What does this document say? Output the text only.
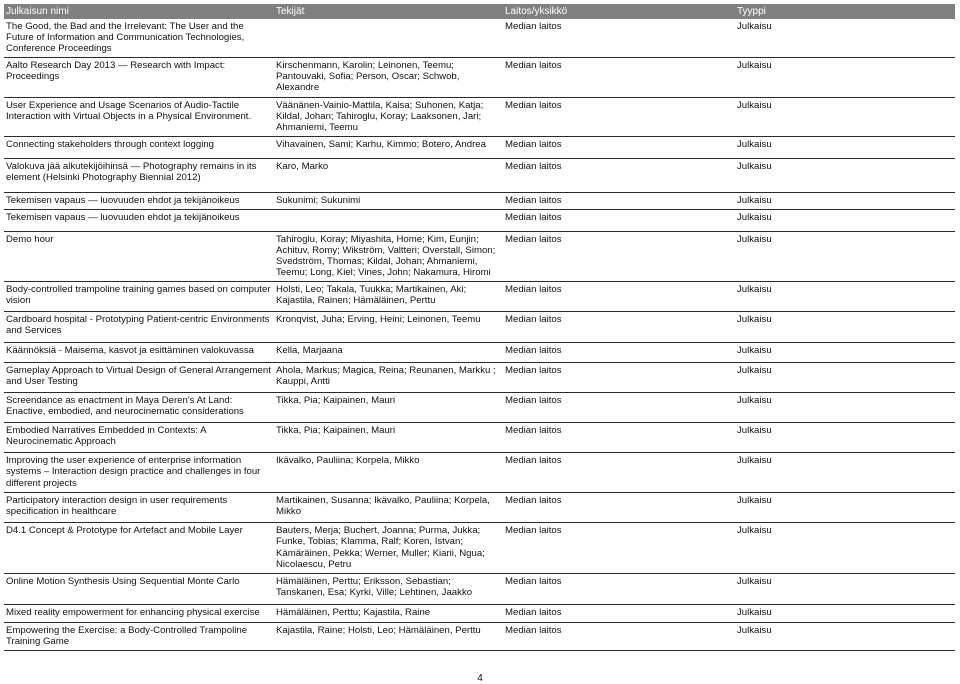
Julkaisun nimi	Tekijät	Laitos/yksikkö	Tyyppi
The Good, the Bad and the Irrelevant: The User and the Future of Information and Communication Technologies, Conference Proceedings		Median laitos	Julkaisu
Aalto Research Day 2013 — Research with Impact: Proceedings	Kirschenmann, Karolin; Leinonen, Teemu; Pantouvaki, Sofia; Person, Oscar; Schwob, Alexandre	Median laitos	Julkaisu
User Experience and Usage Scenarios of Audio-Tactile Interaction with Virtual Objects in a Physical Environment.	Väänänen-Vainio-Mattila, Kaisa; Suhonen, Katja; Kildal, Johan; Tahiroglu, Koray; Laaksonen, Jari; Ahmaniemi, Teemu	Median laitos	Julkaisu
Connecting stakeholders through context logging	Vihavainen, Sami; Karhu, Kimmo; Botero, Andrea	Median laitos	Julkaisu
Valokuva jää alkutekijöihinsä — Photography remains in its element (Helsinki Photography Biennial 2012)	Karo, Marko	Median laitos	Julkaisu
Tekemisen vapaus — luovuuden ehdot ja tekijänoikeus	Sukunimi; Sukunimi	Median laitos	Julkaisu
Tekemisen vapaus — luovuuden ehdot ja tekijänoikeus		Median laitos	Julkaisu
Demo hour	Tahiroglu, Koray; Miyashita, Home; Kim, Eunjin; Achituv, Romy; Wikström, Valtteri; Overstall, Simon; Svedström, Thomas; Kildal, Johan; Ahmaniemi, Teemu; Long, Kiel; Vines, John; Nakamura, Hiromi	Median laitos	Julkaisu
Body-controlled trampoline training games based on computer vision	Holsti, Leo; Takala, Tuukka; Martikainen, Aki; Kajastila, Rainen; Hämäläinen, Perttu	Median laitos	Julkaisu
Cardboard hospital - Prototyping Patient-centric Environments and Services	Kronqvist, Juha; Erving, Heini; Leinonen, Teemu	Median laitos	Julkaisu
Käännöksiä - Maisema, kasvot ja esittäminen valokuvassa	Kella, Marjaana	Median laitos	Julkaisu
Gameplay Approach to Virtual Design of General Arrangement and User Testing	Ahola, Markus; Magica, Reina; Reunanen, Markku ; Kauppi, Antti	Median laitos	Julkaisu
Screendance as enactment in Maya Deren's At Land: Enactive, embodied, and neurocinematic considerations	Tikka, Pia; Kaipainen, Mauri	Median laitos	Julkaisu
Embodied Narratives Embedded in Contexts: A Neurocinematic Approach	Tikka, Pia; Kaipainen, Mauri	Median laitos	Julkaisu
Improving the user experience of enterprise information systems – Interaction design practice and challenges in four different projects	Ikävalko, Pauliina; Korpela, Mikko	Median laitos	Julkaisu
Participatory interaction design in user requirements specification in healthcare	Martikainen, Susanna; Ikävalko, Pauliina; Korpela, Mikko	Median laitos	Julkaisu
D4.1 Concept & Prototype for Artefact and Mobile Layer	Bauters, Merja; Buchert, Joanna; Purma, Jukka; Funke, Tobias; Klamma, Ralf; Koren, Istvan; Kämäräinen, Pekka; Werner, Muller; Kiarii, Ngua; Nicolaescu, Petru	Median laitos	Julkaisu
Online Motion Synthesis Using Sequential Monte Carlo	Hämäläinen, Perttu; Eriksson, Sebastian; Tanskanen, Esa; Kyrki, Ville; Lehtinen, Jaakko	Median laitos	Julkaisu
Mixed reality empowerment for enhancing physical exercise	Hämäläinen, Perttu; Kajastila, Raine	Median laitos	Julkaisu
Empowering the Exercise: a Body-Controlled Trampoline Training Game	Kajastila, Raine; Holsti, Leo; Hämäläinen, Perttu	Median laitos	Julkaisu
4
